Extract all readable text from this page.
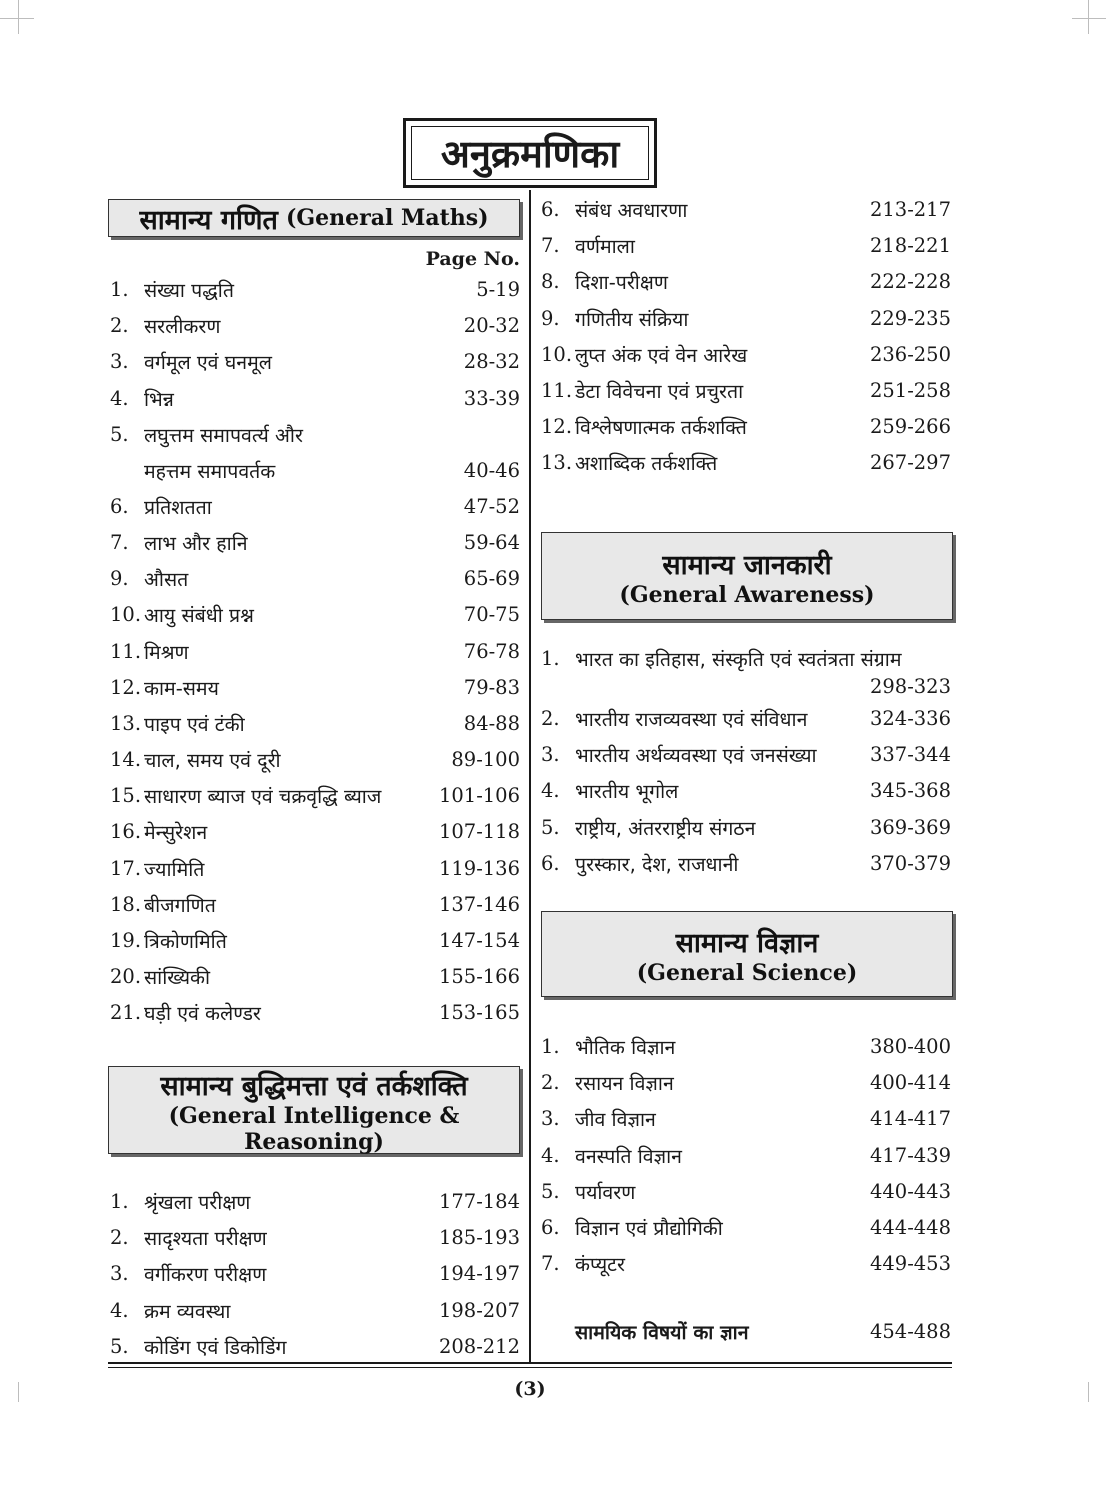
अनुक्रमणिका
सामान्य गणित (General Maths)
Page No.
1. संख्या पद्धति	5-19
2. सरलीकरण	20-32
3. वर्गमूल एवं घनमूल	28-32
4. भिन्न	33-39
5. लघुत्तम समापवर्त्य और
महत्तम समापवर्तक	40-46
6. प्रतिशतता	47-52
7. लाभ और हानि	59-64
9. औसत	65-69
10. आयु संबंधी प्रश्न	70-75
11. मिश्रण	76-78
12. काम-समय	79-83
13. पाइप एवं टंकी	84-88
14. चाल, समय एवं दूरी	89-100
15. साधारण ब्याज एवं चक्रवृद्धि ब्याज	101-106
16. मेन्सुरेशन	107-118
17. ज्यामिति	119-136
18. बीजगणित	137-146
19. त्रिकोणमिति	147-154
20. सांख्यिकी	155-166
21. घड़ी एवं कलेण्डर	153-165
सामान्य बुद्धिमत्ता एवं तर्कशक्ति
(General Intelligence & Reasoning)
1. श्रृंखला परीक्षण	177-184
2. सादृश्यता परीक्षण	185-193
3. वर्गीकरण परीक्षण	194-197
4. क्रम व्यवस्था	198-207
5. कोडिंग एवं डिकोडिंग	208-212
6. संबंध अवधारणा	213-217
7. वर्णमाला	218-221
8. दिशा-परीक्षण	222-228
9. गणितीय संक्रिया	229-235
10. लुप्त अंक एवं वेन आरेख	236-250
11. डेटा विवेचना एवं प्रचुरता	251-258
12. विश्लेषणात्मक तर्कशक्ति	259-266
13. अशाब्दिक तर्कशक्ति	267-297
सामान्य जानकारी
(General Awareness)
1. भारत का इतिहास, संस्कृति एवं स्वतंत्रता संग्राम
298-323
2. भारतीय राजव्यवस्था एवं संविधान	324-336
3. भारतीय अर्थव्यवस्था एवं जनसंख्या	337-344
4. भारतीय भूगोल	345-368
5. राष्ट्रीय, अंतरराष्ट्रीय संगठन	369-369
6. पुरस्कार, देश, राजधानी	370-379
सामान्य विज्ञान
(General Science)
1. भौतिक विज्ञान	380-400
2. रसायन विज्ञान	400-414
3. जीव विज्ञान	414-417
4. वनस्पति विज्ञान	417-439
5. पर्यावरण	440-443
6. विज्ञान एवं प्रौद्योगिकी	444-448
7. कंप्यूटर	449-453
सामयिक विषयों का ज्ञान	454-488
(3)
